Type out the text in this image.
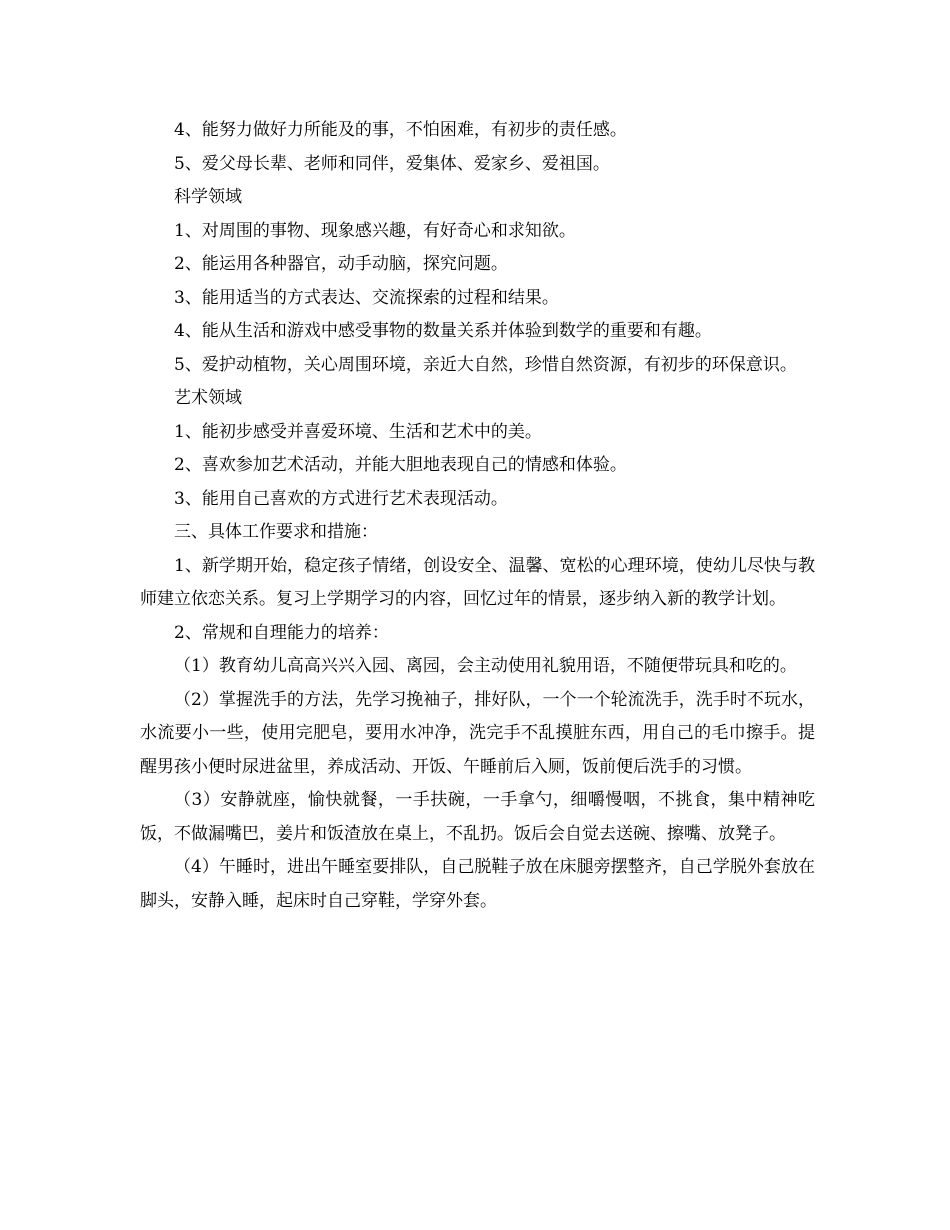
4、能努力做好力所能及的事，不怕困难，有初步的责任感。

5、爱父母长辈、老师和同伴，爱集体、爱家乡、爱祖国。

科学领域

1、对周围的事物、现象感兴趣，有好奇心和求知欲。

2、能运用各种器官，动手动脑，探究问题。

3、能用适当的方式表达、交流探索的过程和结果。

4、能从生活和游戏中感受事物的数量关系并体验到数学的重要和有趣。

5、爱护动植物，关心周围环境，亲近大自然，珍惜自然资源，有初步的环保意识。

艺术领域

1、能初步感受并喜爱环境、生活和艺术中的美。

2、喜欢参加艺术活动，并能大胆地表现自己的情感和体验。

3、能用自己喜欢的方式进行艺术表现活动。

三、具体工作要求和措施：

1、新学期开始，稳定孩子情绪，创设安全、温馨、宽松的心理环境，使幼儿尽快与教师建立依恋关系。复习上学期学习的内容，回忆过年的情景，逐步纳入新的教学计划。

2、常规和自理能力的培养：

（1）教育幼儿高高兴兴入园、离园，会主动使用礼貌用语，不随便带玩具和吃的。

（2）掌握洗手的方法，先学习挽袖子，排好队，一个一个轮流洗手，洗手时不玩水，水流要小一些，使用完肥皂，要用水冲净，洗完手不乱摸脏东西，用自己的毛巾擦手。提醒男孩小便时尿进盆里，养成活动、开饭、午睡前后入厕，饭前便后洗手的习惯。

（3）安静就座，愉快就餐，一手扶碗，一手拿勺，细嚼慢咽，不挑食，集中精神吃饭，不做漏嘴巴，姜片和饭渣放在桌上，不乱扔。饭后会自觉去送碗、擦嘴、放凳子。

（4）午睡时，进出午睡室要排队，自己脱鞋子放在床腿旁摆整齐，自己学脱外套放在脚头，安静入睡，起床时自己穿鞋，学穿外套。
